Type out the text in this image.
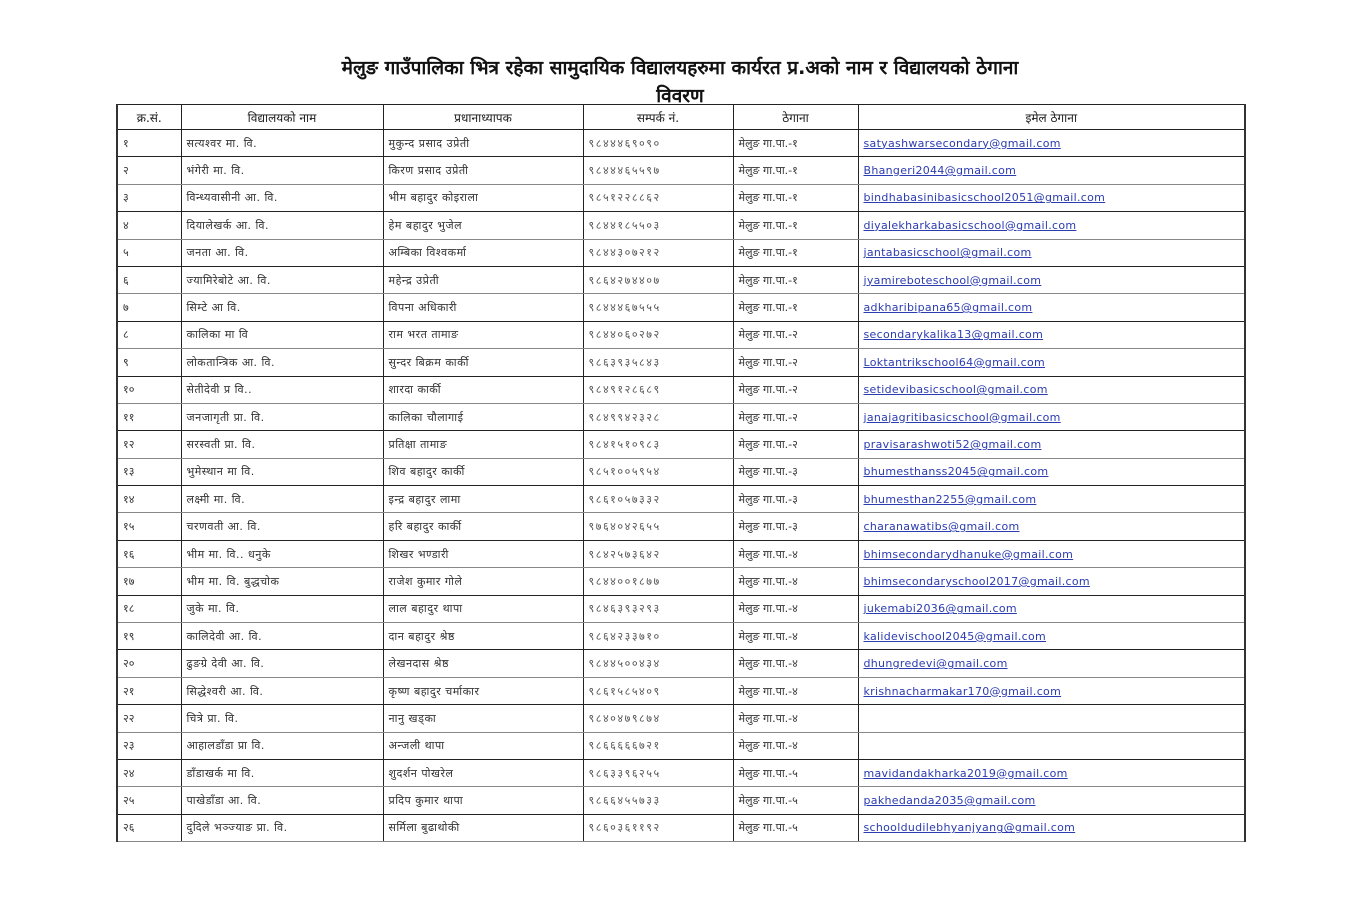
मेलुङ गाउँपालिका भित्र रहेका सामुदायिक विद्यालयहरुमा कार्यरत प्र.अको नाम र विद्यालयको ठेगाना
विवरण
क्र.सं.	विद्यालयको नाम	प्रधानाध्यापक	सम्पर्क नं.	ठेगाना	इमेल ठेगाना
१	सत्यश्वर मा. वि.	मुकुन्द प्रसाद उप्रेती	९८४४४६९०९०	मेलुङ गा.पा.-१	satyashwarsecondary@gmail.com
२	भंगेरी मा. वि.	किरण प्रसाद उप्रेती	९८४४४६५५९७	मेलुङ गा.पा.-१	Bhangeri2044@gmail.com
३	विन्ध्यवासीनी आ. वि.	भीम बहादुर कोइराला	९८५१२२८८६२	मेलुङ गा.पा.-१	bindhabasinibasicschool2051@gmail.com
४	दियालेखर्क आ. वि.	हेम बहादुर भुजेल	९८४४१८५५०३	मेलुङ गा.पा.-१	diyalekharkabasicschool@gmail.com
५	जनता आ. वि.	अम्बिका विश्वकर्मा	९८४४३०७२१२	मेलुङ गा.पा.-१	jantabasicschool@gmail.com
६	ज्यामिरेबोटे आ. वि.	महेन्द्र उप्रेती	९८६४२७४४०७	मेलुङ गा.पा.-१	jyamireboteschool@gmail.com
७	सिम्टे आ वि.	विपना अधिकारी	९८४४४६७५५५	मेलुङ गा.पा.-१	adkharibipana65@gmail.com
८	कालिका मा वि	राम भरत तामाङ	९८४४०६०२७२	मेलुङ गा.पा.-२	secondarykalika13@gmail.com
९	लोकतान्त्रिक आ. वि.	सुन्दर बिक्रम कार्की	९८६३९३५८४३	मेलुङ गा.पा.-२	Loktantrikschool64@gmail.com
१०	सेतीदेवी प्र वि..	शारदा कार्की	९८४९१२८६८९	मेलुङ गा.पा.-२	setidevibasicschool@gmail.com
११	जनजागृती प्रा. वि.	कालिका चौलागाई	९८४९९४२३२८	मेलुङ गा.पा.-२	janajagritibasicschool@gmail.com
१२	सरस्वती प्रा. वि.	प्रतिक्षा तामाङ	९८४१५१०९८३	मेलुङ गा.पा.-२	pravisarashwoti52@gmail.com
१३	भुमेस्थान मा वि.	शिव बहादुर कार्की	९८५१००५९५४	मेलुङ गा.पा.-३	bhumesthanss2045@gmail.com
१४	लक्ष्मी मा. वि.	इन्द्र बहादुर लामा	९८६१०५७३३२	मेलुङ गा.पा.-३	bhumesthan2255@gmail.com
१५	चरणवती आ. वि.	हरि बहादुर कार्की	९७६४०४२६५५	मेलुङ गा.पा.-३	charanawatibs@gmail.com
१६	भीम मा. वि.. धनुके	शिखर भण्डारी	९८४२५७३६४२	मेलुङ गा.पा.-४	bhimsecondarydhanuke@gmail.com
१७	भीम मा. वि. बुद्धचोक	राजेश कुमार गोले	९८४४००१८७७	मेलुङ गा.पा.-४	bhimsecondaryschool2017@gmail.com
१८	जुके मा. वि.	लाल बहादुर थापा	९८४६३९३२९३	मेलुङ गा.पा.-४	jukemabi2036@gmail.com
१९	कालिदेवी आ. वि.	दान बहादुर श्रेष्ठ	९८६४२३३७१०	मेलुङ गा.पा.-४	kalidevischool2045@gmail.com
२०	ढुङग्रे देवी आ. वि.	लेखनदास श्रेष्ठ	९८४४५००४३४	मेलुङ गा.पा.-४	dhungredevi@gmail.com
२१	सिद्धेश्वरी आ. वि.	कृष्ण बहादुर चर्माकार	९८६१५८५४०९	मेलुङ गा.पा.-४	krishnacharmakar170@gmail.com
२२	चित्रे प्रा. वि.	नानु खड्का	९८४०४७९८७४	मेलुङ गा.पा.-४	
२३	आहालडाँडा प्रा वि.	अन्जली थापा	९८६६६६६७२१	मेलुङ गा.पा.-४	
२४	डाँडाखर्क मा वि.	शुदर्शन पोखरेल	९८६३३९६२५५	मेलुङ गा.पा.-५	mavidandakharka2019@gmail.com
२५	पाखेडाँडा आ. वि.	प्रदिप कुमार थापा	९८६६४५५७३३	मेलुङ गा.पा.-५	pakhedanda2035@gmail.com
२६	दुदिले भञ्ज्याङ प्रा. वि.	सर्मिला बुढाथोकी	९८६०३६११९२	मेलुङ गा.पा.-५	schooldudilebhyanjyang@gmail.com
